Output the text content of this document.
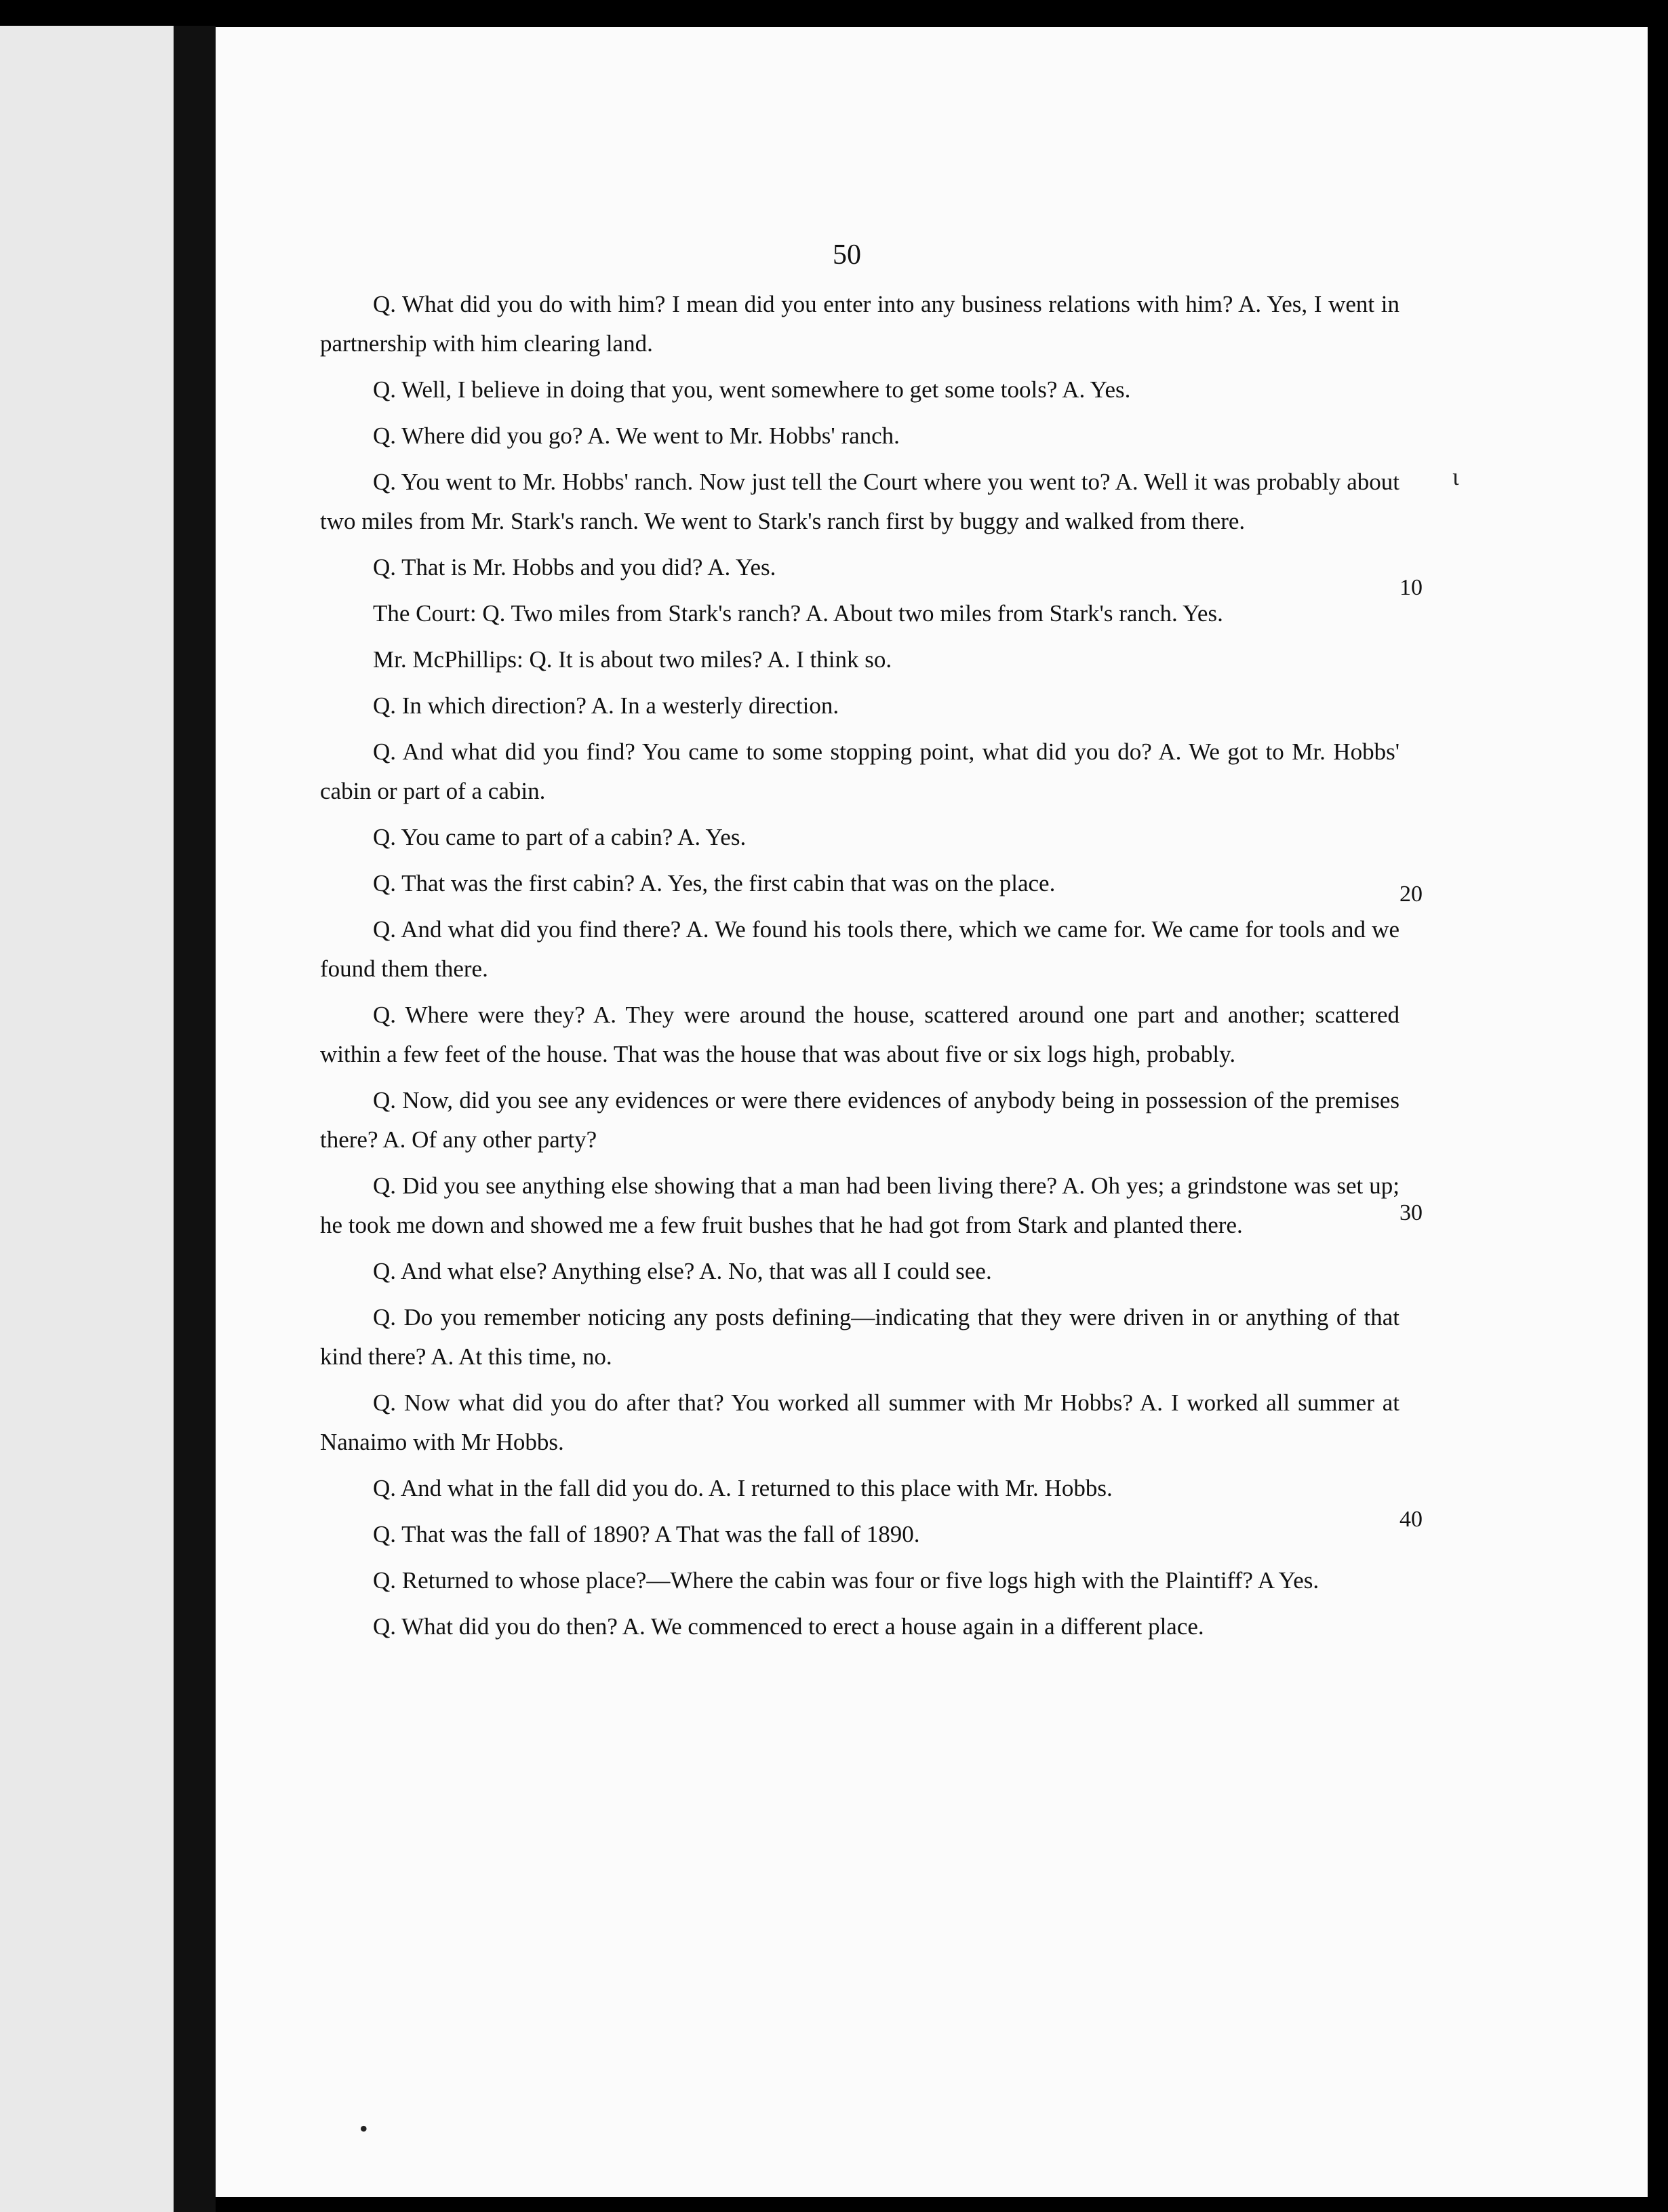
50

Q. What did you do with him? I mean did you enter into any business relations with him? A. Yes, I went in partnership with him clearing land.

Q. Well, I believe in doing that you, went somewhere to get some tools? A. Yes.

Q. Where did you go? A. We went to Mr. Hobbs' ranch.

Q. You went to Mr. Hobbs' ranch. Now just tell the Court where you went to? A. Well it was probably about two miles from Mr. Stark's ranch. We went to Stark's ranch first by buggy and walked from there.

Q. That is Mr. Hobbs and you did? A. Yes.

The Court: Q. Two miles from Stark's ranch? A. About two miles from Stark's ranch. Yes.

Mr. McPhillips: Q. It is about two miles? A. I think so.

Q. In which direction? A. In a westerly direction.

Q. And what did you find? You came to some stopping point, what did you do? A. We got to Mr. Hobbs' cabin or part of a cabin.

Q. You came to part of a cabin? A. Yes.

Q. That was the first cabin? A. Yes, the first cabin that was on the place.

Q. And what did you find there? A. We found his tools there, which we came for. We came for tools and we found them there.

Q. Where were they? A. They were around the house, scattered around one part and another; scattered within a few feet of the house. That was the house that was about five or six logs high, probably.

Q. Now, did you see any evidences or were there evidences of anybody being in possession of the premises there? A. Of any other party?

Q. Did you see anything else showing that a man had been living there? A. Oh yes; a grindstone was set up; he took me down and showed me a few fruit bushes that he had got from Stark and planted there.

Q. And what else? Anything else? A. No, that was all I could see.

Q. Do you remember noticing any posts defining—indicating that they were driven in or anything of that kind there? A. At this time, no.

Q. Now what did you do after that? You worked all summer with Mr Hobbs? A. I worked all summer at Nanaimo with Mr Hobbs.

Q. And what in the fall did you do. A. I returned to this place with Mr. Hobbs.

Q. That was the fall of 1890? A That was the fall of 1890.

Q. Returned to whose place?—Where the cabin was four or five logs high with the Plaintiff? A Yes.

Q. What did you do then? A. We commenced to erect a house again in a different place.

10
20
30
40
ɩ
•
